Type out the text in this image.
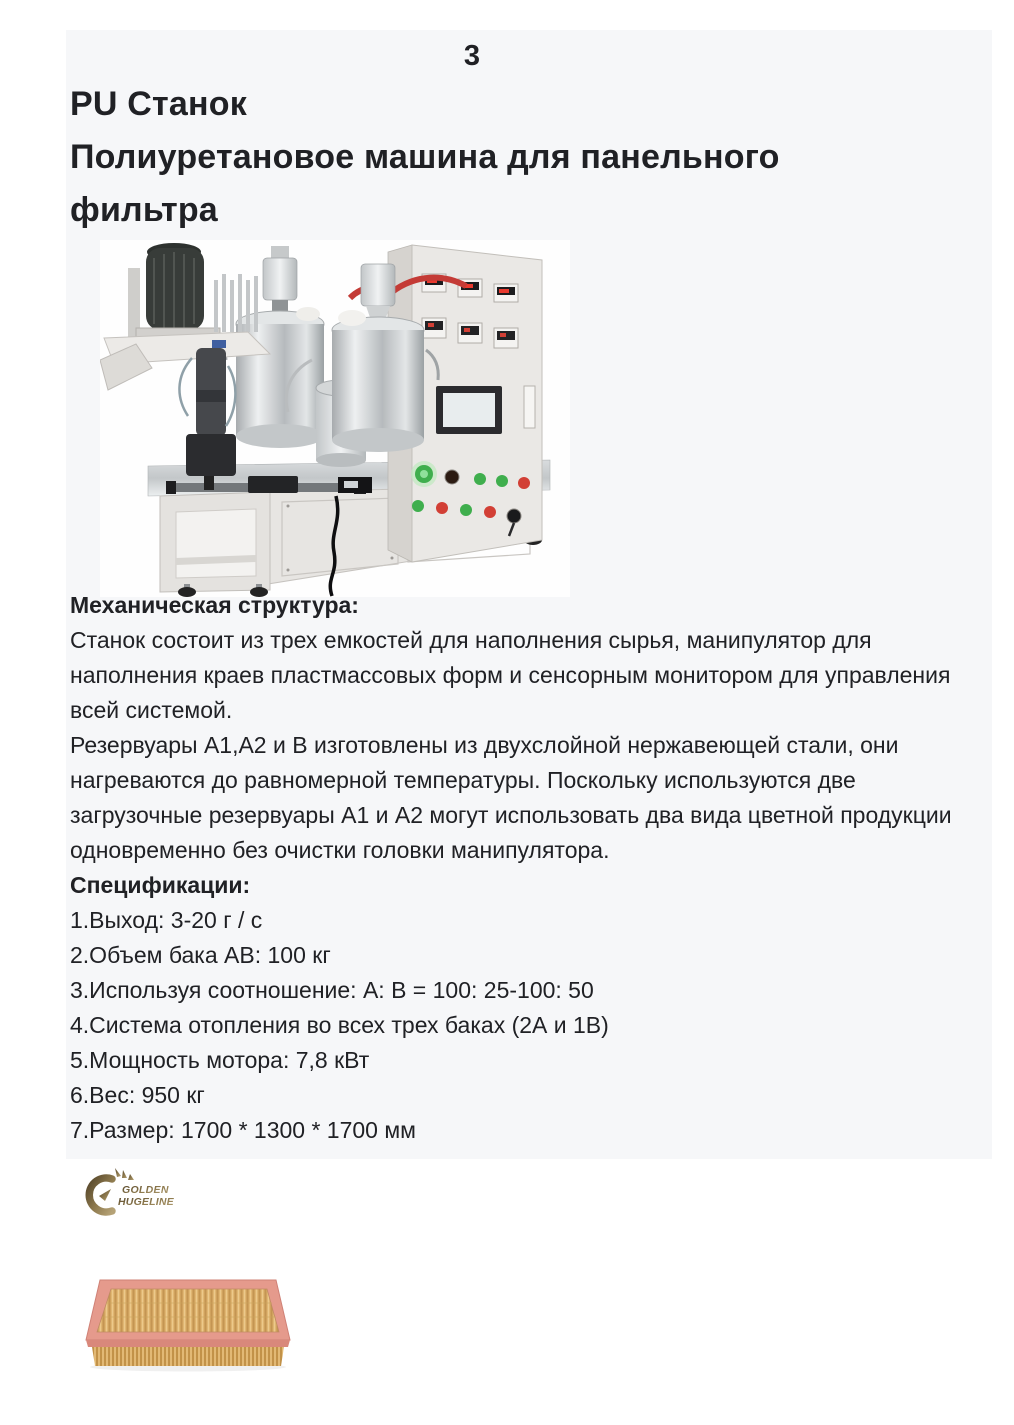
3
PU Станок
Полиуретановое машина для панельного
фильтра
Механическая структура:
Станок состоит из трех емкостей для наполнения сырья, манипулятор для
наполнения краев пластмассовых форм и сенсорным монитором для управления
всей системой.
Резервуары А1,А2 и В изготовлены из двухслойной нержавеющей стали, они
нагреваются до равномерной температуры. Поскольку используются две
загрузочные резервуары А1 и А2 могут использовать два вида цветной продукции
одновременно без очистки головки манипулятора.
Спецификации:
1.Выход: 3-20 г / с
2.Объем бака АВ: 100 кг
3.Используя соотношение: А: В = 100: 25-100: 50
4.Система отопления во всех трех баках (2А и 1В)
5.Мощность мотора: 7,8 кВт
6.Вес: 950 кг
7.Размер: 1700 * 1300 * 1700 мм
GOLDEN
HUGELINE
